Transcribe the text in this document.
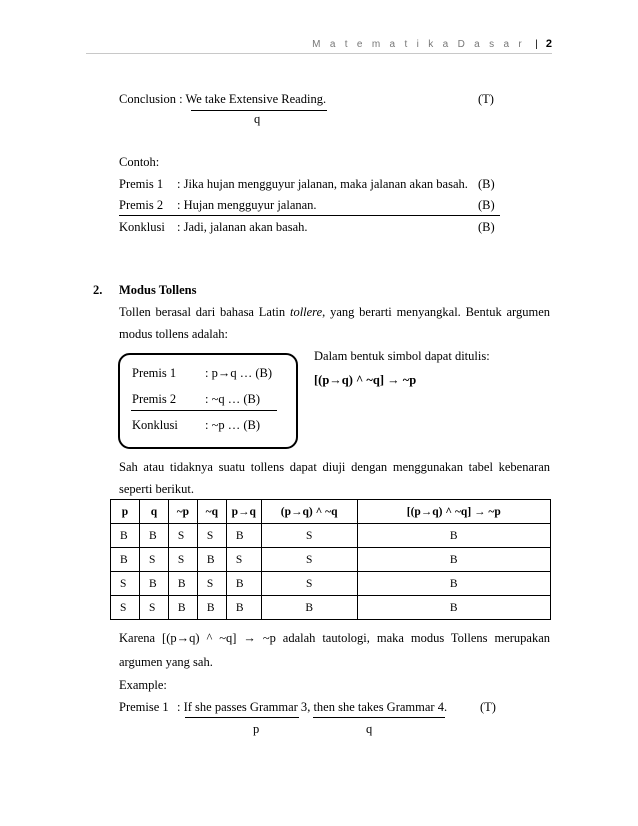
M a t e m a t i k a D a s a r | 2
Conclusion : We take Extensive Reading.	(T)
q
Contoh:
Premis 1 : Jika hujan mengguyur jalanan, maka jalanan akan basah. (B)
Premis 2 : Hujan mengguyur jalanan.	(B)
Konklusi : Jadi, jalanan akan basah.	(B)
2. Modus Tollens
Tollen berasal dari bahasa Latin tollere, yang berarti menyangkal. Bentuk argumen
modus tollens adalah:
Premis 1 : p→q … (B)
Premis 2 : ~q … (B)
Konklusi : ~p … (B)
Dalam bentuk simbol dapat ditulis:
[(p→q) ^ ~q] → ~p
Sah atau tidaknya suatu tollens dapat diuji dengan menggunakan tabel kebenaran
seperti berikut.
p	q	~p	~q	p→q	(p→q) ^ ~q	[(p→q) ^ ~q] → ~p
B	B	S	S	B	S	B
B	S	S	B	S	S	B
S	B	B	S	B	S	B
S	S	B	B	B	B	B
Karena [(p→q) ^ ~q] → ~p adalah tautologi, maka modus Tollens merupakan
argumen yang sah.
Example:
Premise 1 : If she passes Grammar 3, then she takes Grammar 4.	(T)
p	q
